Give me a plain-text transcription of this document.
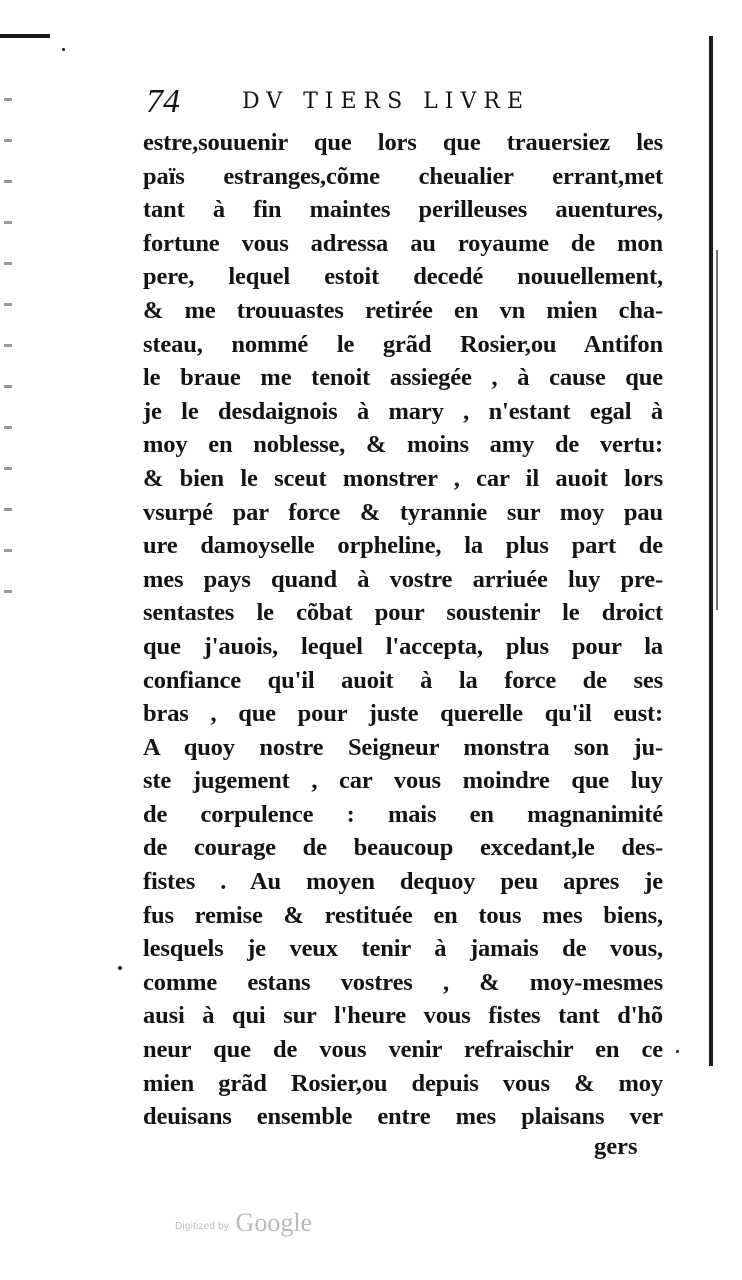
74	DV TIERS LIVRE
estre,souuenir que lors que trauersiez les
païs estranges,cõme cheualier errant,met
tant à fin maintes perilleuses auentures,
fortune vous adressa au royaume de mon
pere, lequel estoit decedé nouuellement,
& me trouuastes retirée en vn mien cha-
steau, nommé le grãd Rosier,ou Antifon
le braue me tenoit assiegée , à cause que
je le desdaignois à mary , n'estant egal à
moy en noblesse, & moins amy de vertu:
& bien le sceut monstrer , car il auoit lors
vsurpé par force & tyrannie sur moy pau
ure damoyselle orpheline, la plus part de
mes pays quand à vostre arriuée luy pre-
sentastes le cõbat pour soustenir le droict
que j'auois, lequel l'accepta, plus pour la
confiance qu'il auoit à la force de ses
bras , que pour juste querelle qu'il eust:
A quoy nostre Seigneur monstra son ju-
ste jugement , car vous moindre que luy
de corpulence : mais en magnanimité
de courage de beaucoup excedant,le des-
fistes . Au moyen dequoy peu apres je
fus remise & restituée en tous mes biens,
lesquels je veux tenir à jamais de vous,
comme estans vostres , & moy-mesmes
ausi à qui sur l'heure vous fistes tant d'hõ
neur que de vous venir refraischir en ce
mien grãd Rosier,ou depuis vous & moy
deuisans ensemble entre mes plaisans ver
gers
Digitized by Google
